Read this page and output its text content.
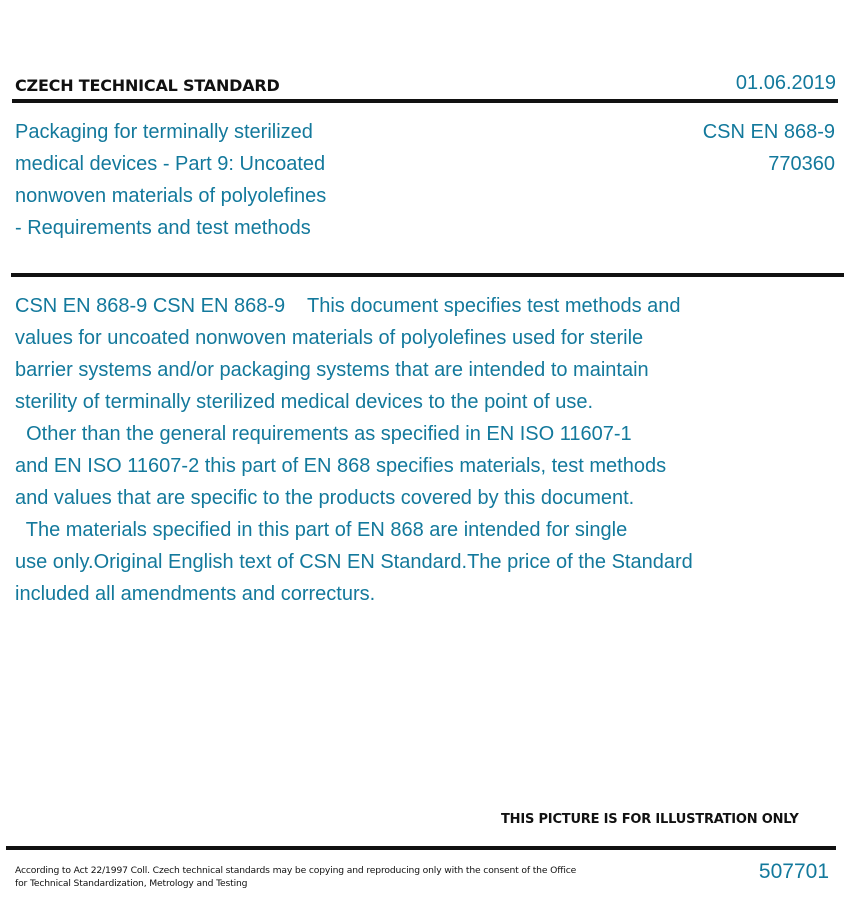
CZECH TECHNICAL STANDARD	01.06.2019
Packaging for terminally sterilized
medical devices - Part 9: Uncoated
nonwoven materials of polyolefines
- Requirements and test methods
CSN EN 868-9
770360
CSN EN 868-9 CSN EN 868-9    This document specifies test methods and
values for uncoated nonwoven materials of polyolefines used for sterile
barrier systems and/or packaging systems that are intended to maintain
sterility of terminally sterilized medical devices to the point of use.
Other than the general requirements as specified in EN ISO 11607-1
and EN ISO 11607-2 this part of EN 868 specifies materials, test methods
and values that are specific to the products covered by this document.
The materials specified in this part of EN 868 are intended for single
use only.Original English text of CSN EN Standard.The price of the Standard
included all amendments and correcturs.
THIS PICTURE IS FOR ILLUSTRATION ONLY
According to Act 22/1997 Coll. Czech technical standards may be copying and reproducing only with the consent of the Office
for Technical Standardization, Metrology and Testing
507701
